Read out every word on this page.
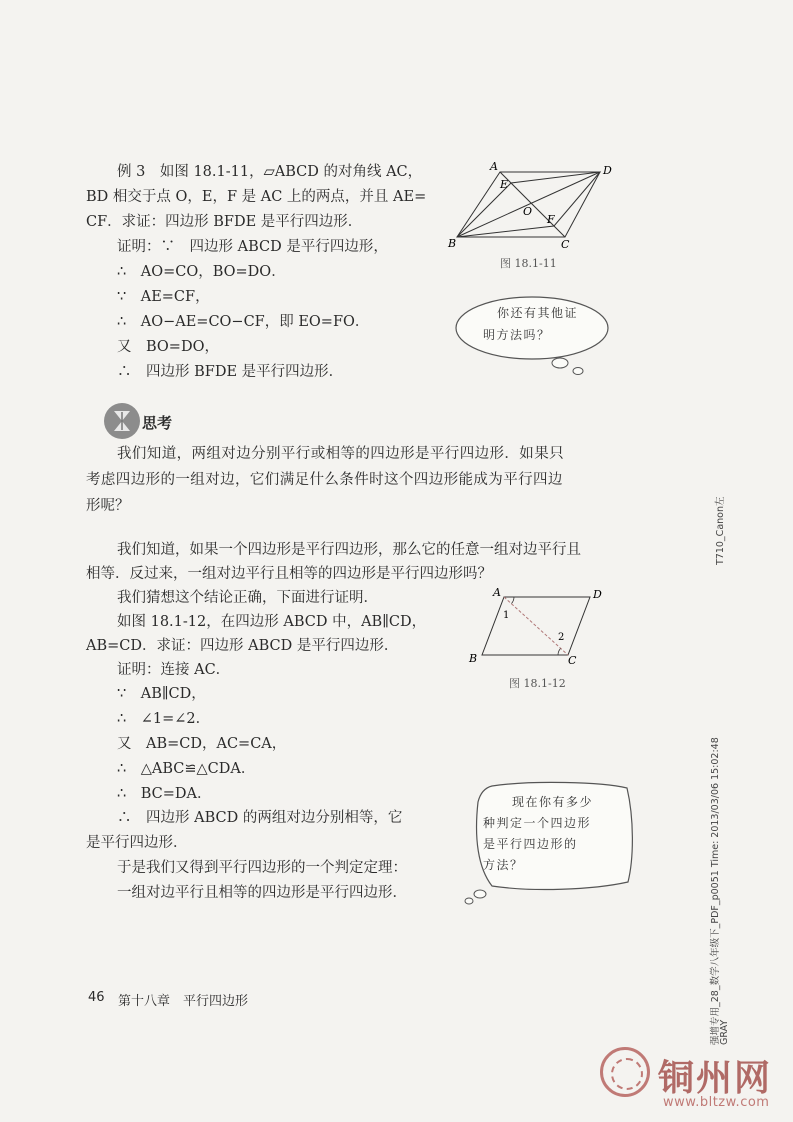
例 3　如图 18.1-11，▱ABCD 的对角线 AC，
BD 相交于点 O，E，F 是 AC 上的两点，并且 AE=
CF．求证：四边形 BFDE 是平行四边形．
证明：∵　四边形 ABCD 是平行四边形，
∴　AO=CO，BO=DO．
∵　AE=CF，
∴　AO−AE=CO−CF，即 EO=FO．
又　BO=DO，
∴　四边形 BFDE 是平行四边形．
A	D
E
O
F
B	C
图 18.1-11
你还有其他证
明方法吗？
思考
我们知道，两组对边分别平行或相等的四边形是平行四边形．如果只
考虑四边形的一组对边，它们满足什么条件时这个四边形能成为平行四边
形呢？
我们知道，如果一个四边形是平行四边形，那么它的任意一组对边平行且
相等．反过来，一组对边平行且相等的四边形是平行四边形吗？
我们猜想这个结论正确，下面进行证明．
如图 18.1-12，在四边形 ABCD 中，AB∥CD，
AB=CD．求证：四边形 ABCD 是平行四边形．
证明：连接 AC．
∵　AB∥CD，
∴　∠1=∠2．
又　AB=CD，AC=CA，
∴　△ABC≌△CDA．
∴　BC=DA．
∴　四边形 ABCD 的两组对边分别相等，它
是平行四边形．
于是我们又得到平行四边形的一个判定定理：
一组对边平行且相等的四边形是平行四边形．
A	D
B	C
1
2
图 18.1-12
现在你有多少
种判定一个四边形
是平行四边形的
方法？
T710_Canon左
强增专用_28_数学八年级下_PDF_p0051 Time: 2013/03/06 15:02:48
GRAY
46 第十八章　平行四边形
铜州网
www.bltzw.com
